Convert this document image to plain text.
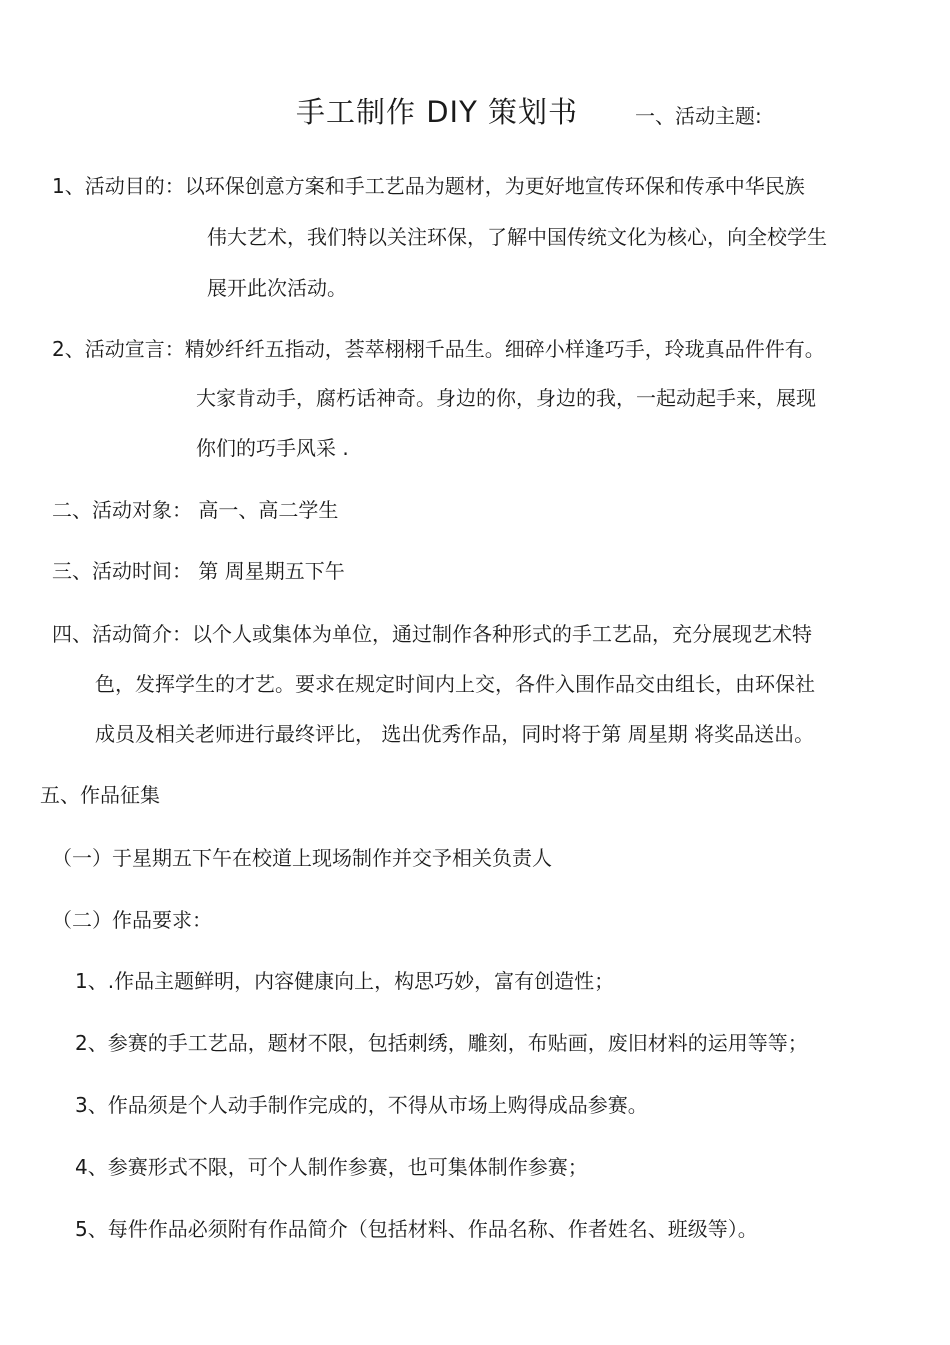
手工制作 DIY 策划书	一、活动主题:
1、活动目的：以环保创意方案和手工艺品为题材，为更好地宣传环保和传承中华民族
伟大艺术，我们特以关注环保，了解中国传统文化为核心，向全校学生
展开此次活动。
2、活动宣言：精妙纤纤五指动，荟萃栩栩千品生。细碎小样逢巧手，玲珑真品件件有。
大家肯动手，腐朽话神奇。身边的你，身边的我，一起动起手来，展现
你们的巧手风采 .
二、活动对象： 高一、高二学生
三、活动时间： 第 周星期五下午
四、活动简介：以个人或集体为单位，通过制作各种形式的手工艺品，充分展现艺术特
色，发挥学生的才艺。要求在规定时间内上交，各件入围作品交由组长，由环保社
成员及相关老师进行最终评比， 选出优秀作品，同时将于第 周星期 将奖品送出。
五、作品征集
（一）于星期五下午在校道上现场制作并交予相关负责人
（二）作品要求：
1、.作品主题鲜明，内容健康向上，构思巧妙，富有创造性；
2、参赛的手工艺品，题材不限，包括刺绣，雕刻，布贴画，废旧材料的运用等等；
3、作品须是个人动手制作完成的，不得从市场上购得成品参赛。
4、参赛形式不限，可个人制作参赛，也可集体制作参赛；
5、每件作品必须附有作品简介（包括材料、作品名称、作者姓名、班级等）。
